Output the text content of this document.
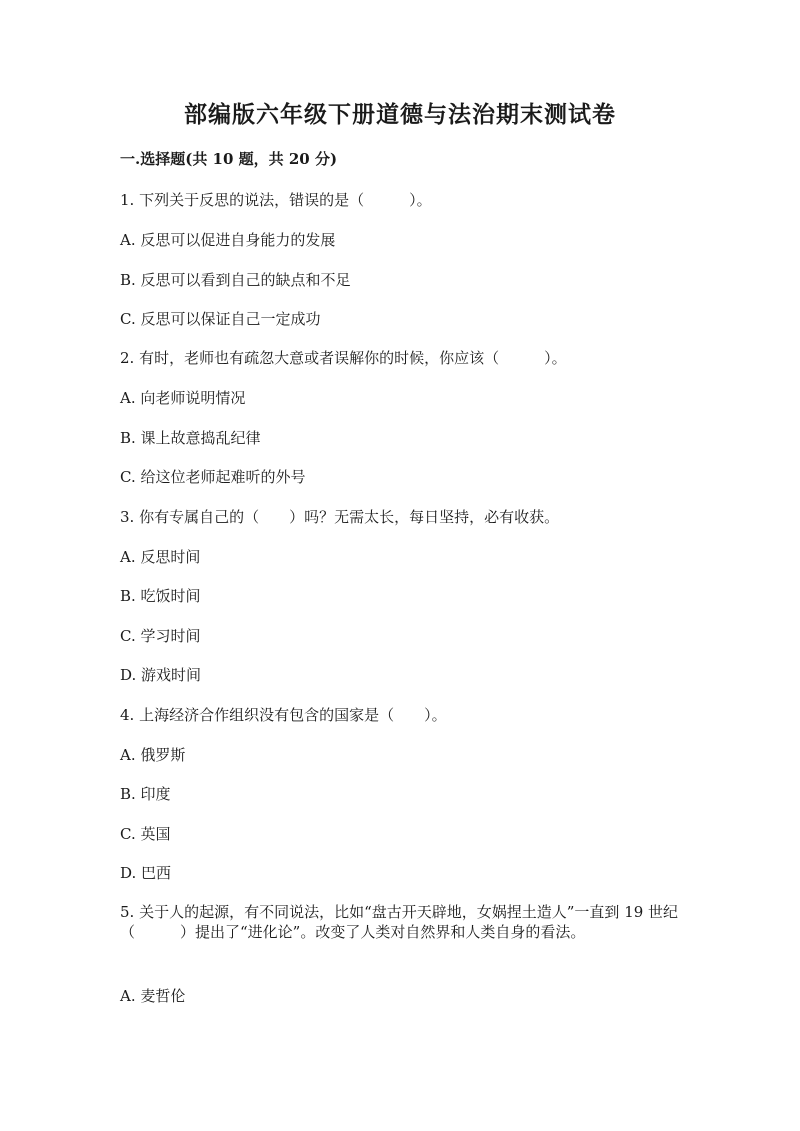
部编版六年级下册道德与法治期末测试卷
一.选择题(共 10 题，共 20 分)
1. 下列关于反思的说法，错误的是（　　　）。
A. 反思可以促进自身能力的发展
B. 反思可以看到自己的缺点和不足
C. 反思可以保证自己一定成功
2. 有时，老师也有疏忽大意或者误解你的时候，你应该（　　　）。
A. 向老师说明情况
B. 课上故意捣乱纪律
C. 给这位老师起难听的外号
3. 你有专属自己的（　　）吗？无需太长，每日坚持，必有收获。
A. 反思时间
B. 吃饭时间
C. 学习时间
D. 游戏时间
4. 上海经济合作组织没有包含的国家是（　　）。
A. 俄罗斯
B. 印度
C. 英国
D. 巴西
5. 关于人的起源，有不同说法，比如“盘古开天辟地，女娲捏土造人”一直到 19 世纪（　　　）提出了“进化论”。改变了人类对自然界和人类自身的看法。
A. 麦哲伦
